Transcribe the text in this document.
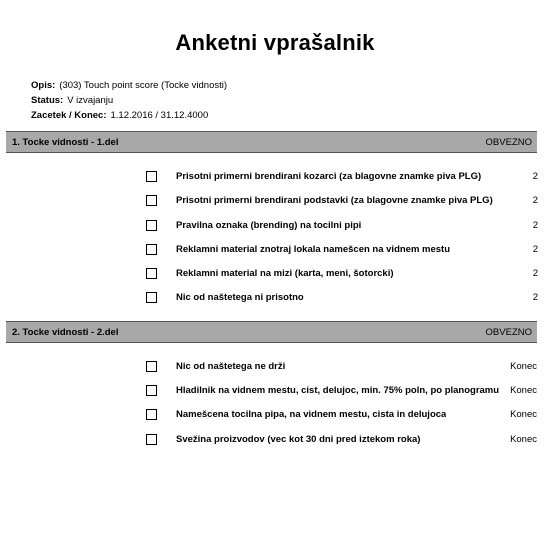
Anketni vprašalnik
Opis: (303) Touch point score (Tocke vidnosti)
Status: V izvajanju
Zacetek / Konec: 1.12.2016 / 31.12.4000
1. Tocke vidnosti - 1.del	OBVEZNO
Prisotni primerni brendirani kozarci (za blagovne znamke piva PLG)	2
Prisotni primerni brendirani podstavki (za blagovne znamke piva PLG)	2
Pravilna oznaka (brending) na tocilni pipi	2
Reklamni material znotraj lokala namešcen na vidnem mestu	2
Reklamni material na mizi (karta, meni, šotorcki)	2
Nic od naštetega ni prisotno	2
2. Tocke vidnosti - 2.del	OBVEZNO
Nic od naštetega ne drži	Konec
Hladilnik na vidnem mestu, cist, delujoc, min. 75% poln, po planogramu Konec
Namešcena tocilna pipa, na vidnem mestu, cista in delujoca	Konec
Svežina proizvodov (vec kot 30 dni pred iztekom roka)	Konec
